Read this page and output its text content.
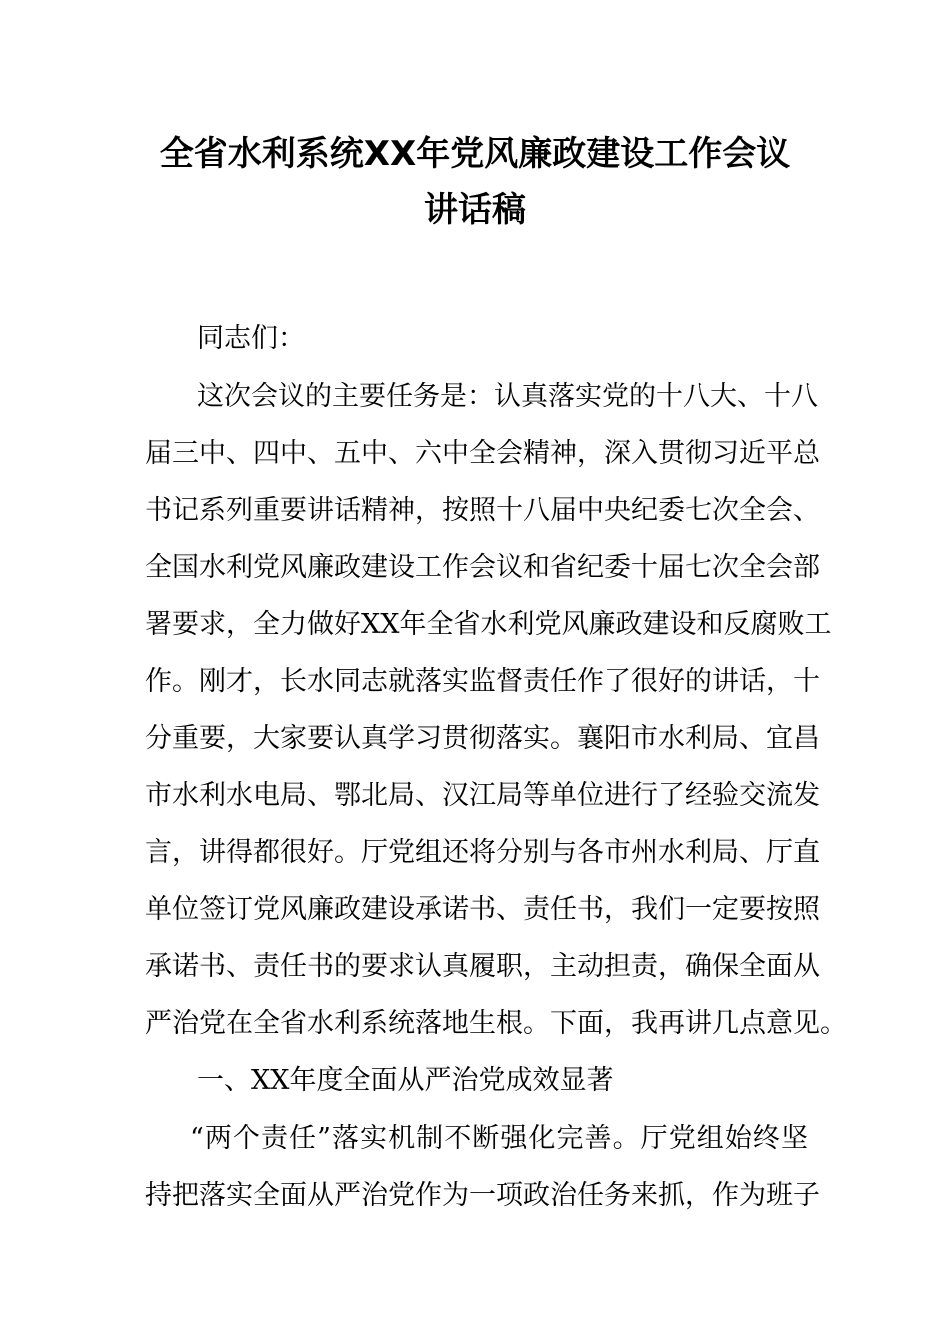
全省水利系统XX年党风廉政建设工作会议
讲话稿

同志们：

这次会议的主要任务是：认真落实党的十八大、十八

届三中、四中、五中、六中全会精神，深入贯彻习近平总

书记系列重要讲话精神，按照十八届中央纪委七次全会、

全国水利党风廉政建设工作会议和省纪委十届七次全会部

署要求，全力做好XX年全省水利党风廉政建设和反腐败工

作。刚才，长水同志就落实监督责任作了很好的讲话，十

分重要，大家要认真学习贯彻落实。襄阳市水利局、宜昌

市水利水电局、鄂北局、汉江局等单位进行了经验交流发

言，讲得都很好。厅党组还将分别与各市州水利局、厅直

单位签订党风廉政建设承诺书、责任书，我们一定要按照

承诺书、责任书的要求认真履职，主动担责，确保全面从

严治党在全省水利系统落地生根。下面，我再讲几点意见。

一、XX年度全面从严治党成效显著

“两个责任”落实机制不断强化完善。厅党组始终坚

持把落实全面从严治党作为一项政治任务来抓，作为班子
